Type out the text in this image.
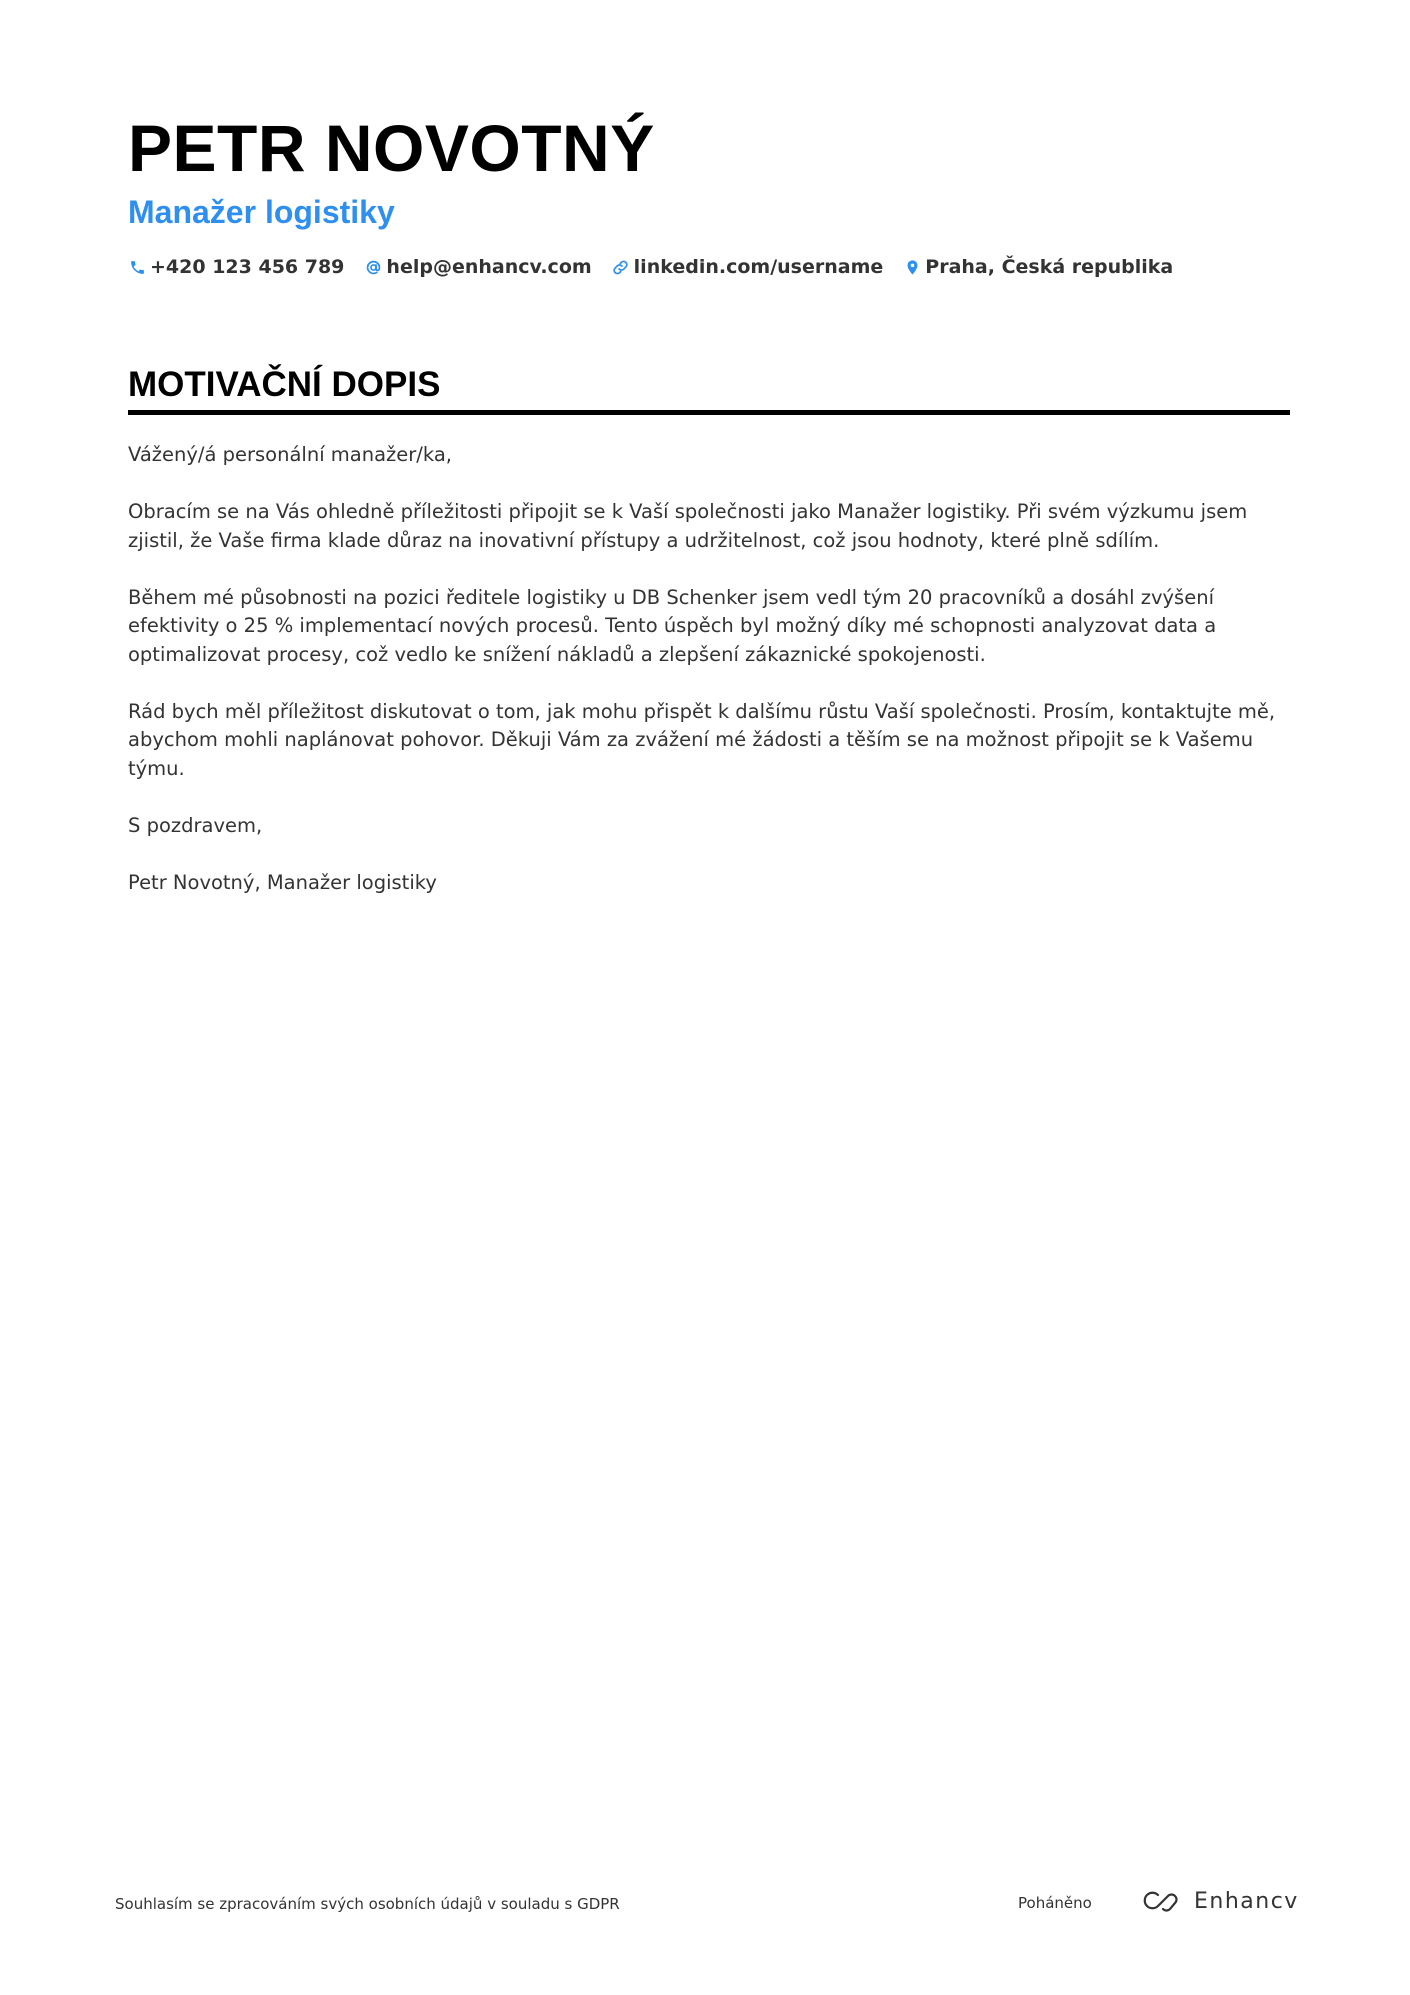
PETR NOVOTNÝ
Manažer logistiky
+420 123 456 789 help@enhancv.com linkedin.com/username Praha, Česká republika
MOTIVAČNÍ DOPIS

Vážený/á personální manažer/ka,

Obracím se na Vás ohledně příležitosti připojit se k Vaší společnosti jako Manažer logistiky. Při svém výzkumu jsem zjistil, že Vaše firma klade důraz na inovativní přístupy a udržitelnost, což jsou hodnoty, které plně sdílím.

Během mé působnosti na pozici ředitele logistiky u DB Schenker jsem vedl tým 20 pracovníků a dosáhl zvýšení efektivity o 25 % implementací nových procesů. Tento úspěch byl možný díky mé schopnosti analyzovat data a optimalizovat procesy, což vedlo ke snížení nákladů a zlepšení zákaznické spokojenosti.

Rád bych měl příležitost diskutovat o tom, jak mohu přispět k dalšímu růstu Vaší společnosti. Prosím, kontaktujte mě, abychom mohli naplánovat pohovor. Děkuji Vám za zvážení mé žádosti a těším se na možnost připojit se k Vašemu týmu.

S pozdravem,

Petr Novotný, Manažer logistiky

Souhlasím se zpracováním svých osobních údajů v souladu s GDPR	Poháněno	Enhancv
